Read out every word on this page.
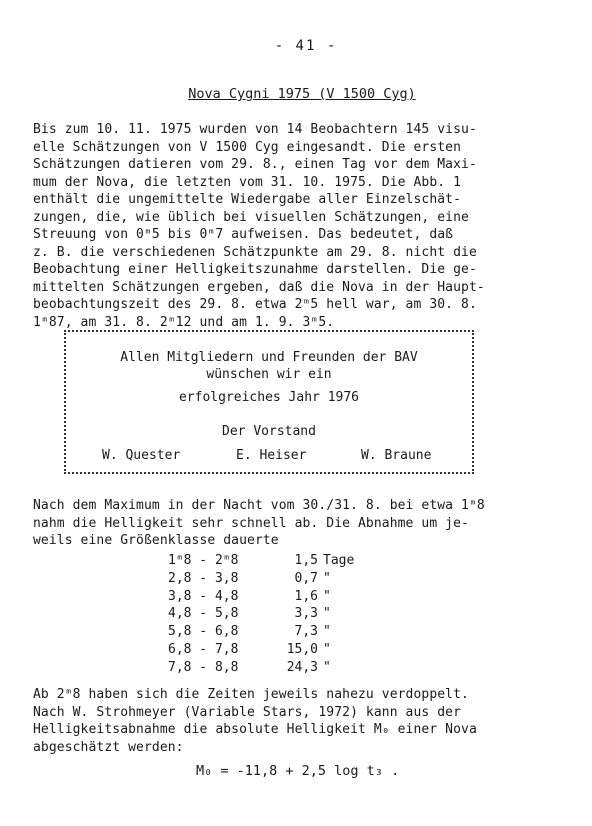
- 41 -
Nova Cygni 1975 (V 1500 Cyg)
Bis zum 10. 11. 1975 wurden von 14 Beobachtern 145 visu-
elle Schätzungen von V 1500 Cyg eingesandt. Die ersten
Schätzungen datieren vom 29. 8., einen Tag vor dem Maxi-
mum der Nova, die letzten vom 31. 10. 1975. Die Abb. 1
enthält die ungemittelte Wiedergabe aller Einzelschät-
zungen, die, wie üblich bei visuellen Schätzungen, eine
Streuung von 0ᵐ5 bis 0ᵐ7 aufweisen. Das bedeutet, daß
z. B. die verschiedenen Schätzpunkte am 29. 8. nicht die
Beobachtung einer Helligkeitszunahme darstellen. Die ge-
mittelten Schätzungen ergeben, daß die Nova in der Haupt-
beobachtungszeit des 29. 8. etwa 2ᵐ5 hell war, am 30. 8.
1ᵐ87, am 31. 8. 2ᵐ12 und am 1. 9. 3ᵐ5.
Allen Mitgliedern und Freunden der BAV
wünschen wir ein
erfolgreiches Jahr 1976
Der Vorstand
W. Quester	E. Heiser	W. Braune
Nach dem Maximum in der Nacht vom 30./31. 8. bei etwa 1ᵐ8
nahm die Helligkeit sehr schnell ab. Die Abnahme um je-
weils eine Größenklasse dauerte
1ᵐ8 - 2ᵐ8	1,5 Tage
2,8 - 3,8	0,7 "
3,8 - 4,8	1,6 "
4,8 - 5,8	3,3 "
5,8 - 6,8	7,3 "
6,8 - 7,8	15,0 "
7,8 - 8,8	24,3 "
Ab 2ᵐ8 haben sich die Zeiten jeweils nahezu verdoppelt.
Nach W. Strohmeyer (Variable Stars, 1972) kann aus der
Helligkeitsabnahme die absolute Helligkeit M₀ einer Nova
abgeschätzt werden:
M₀ = -11,8 + 2,5 log t₃ .
